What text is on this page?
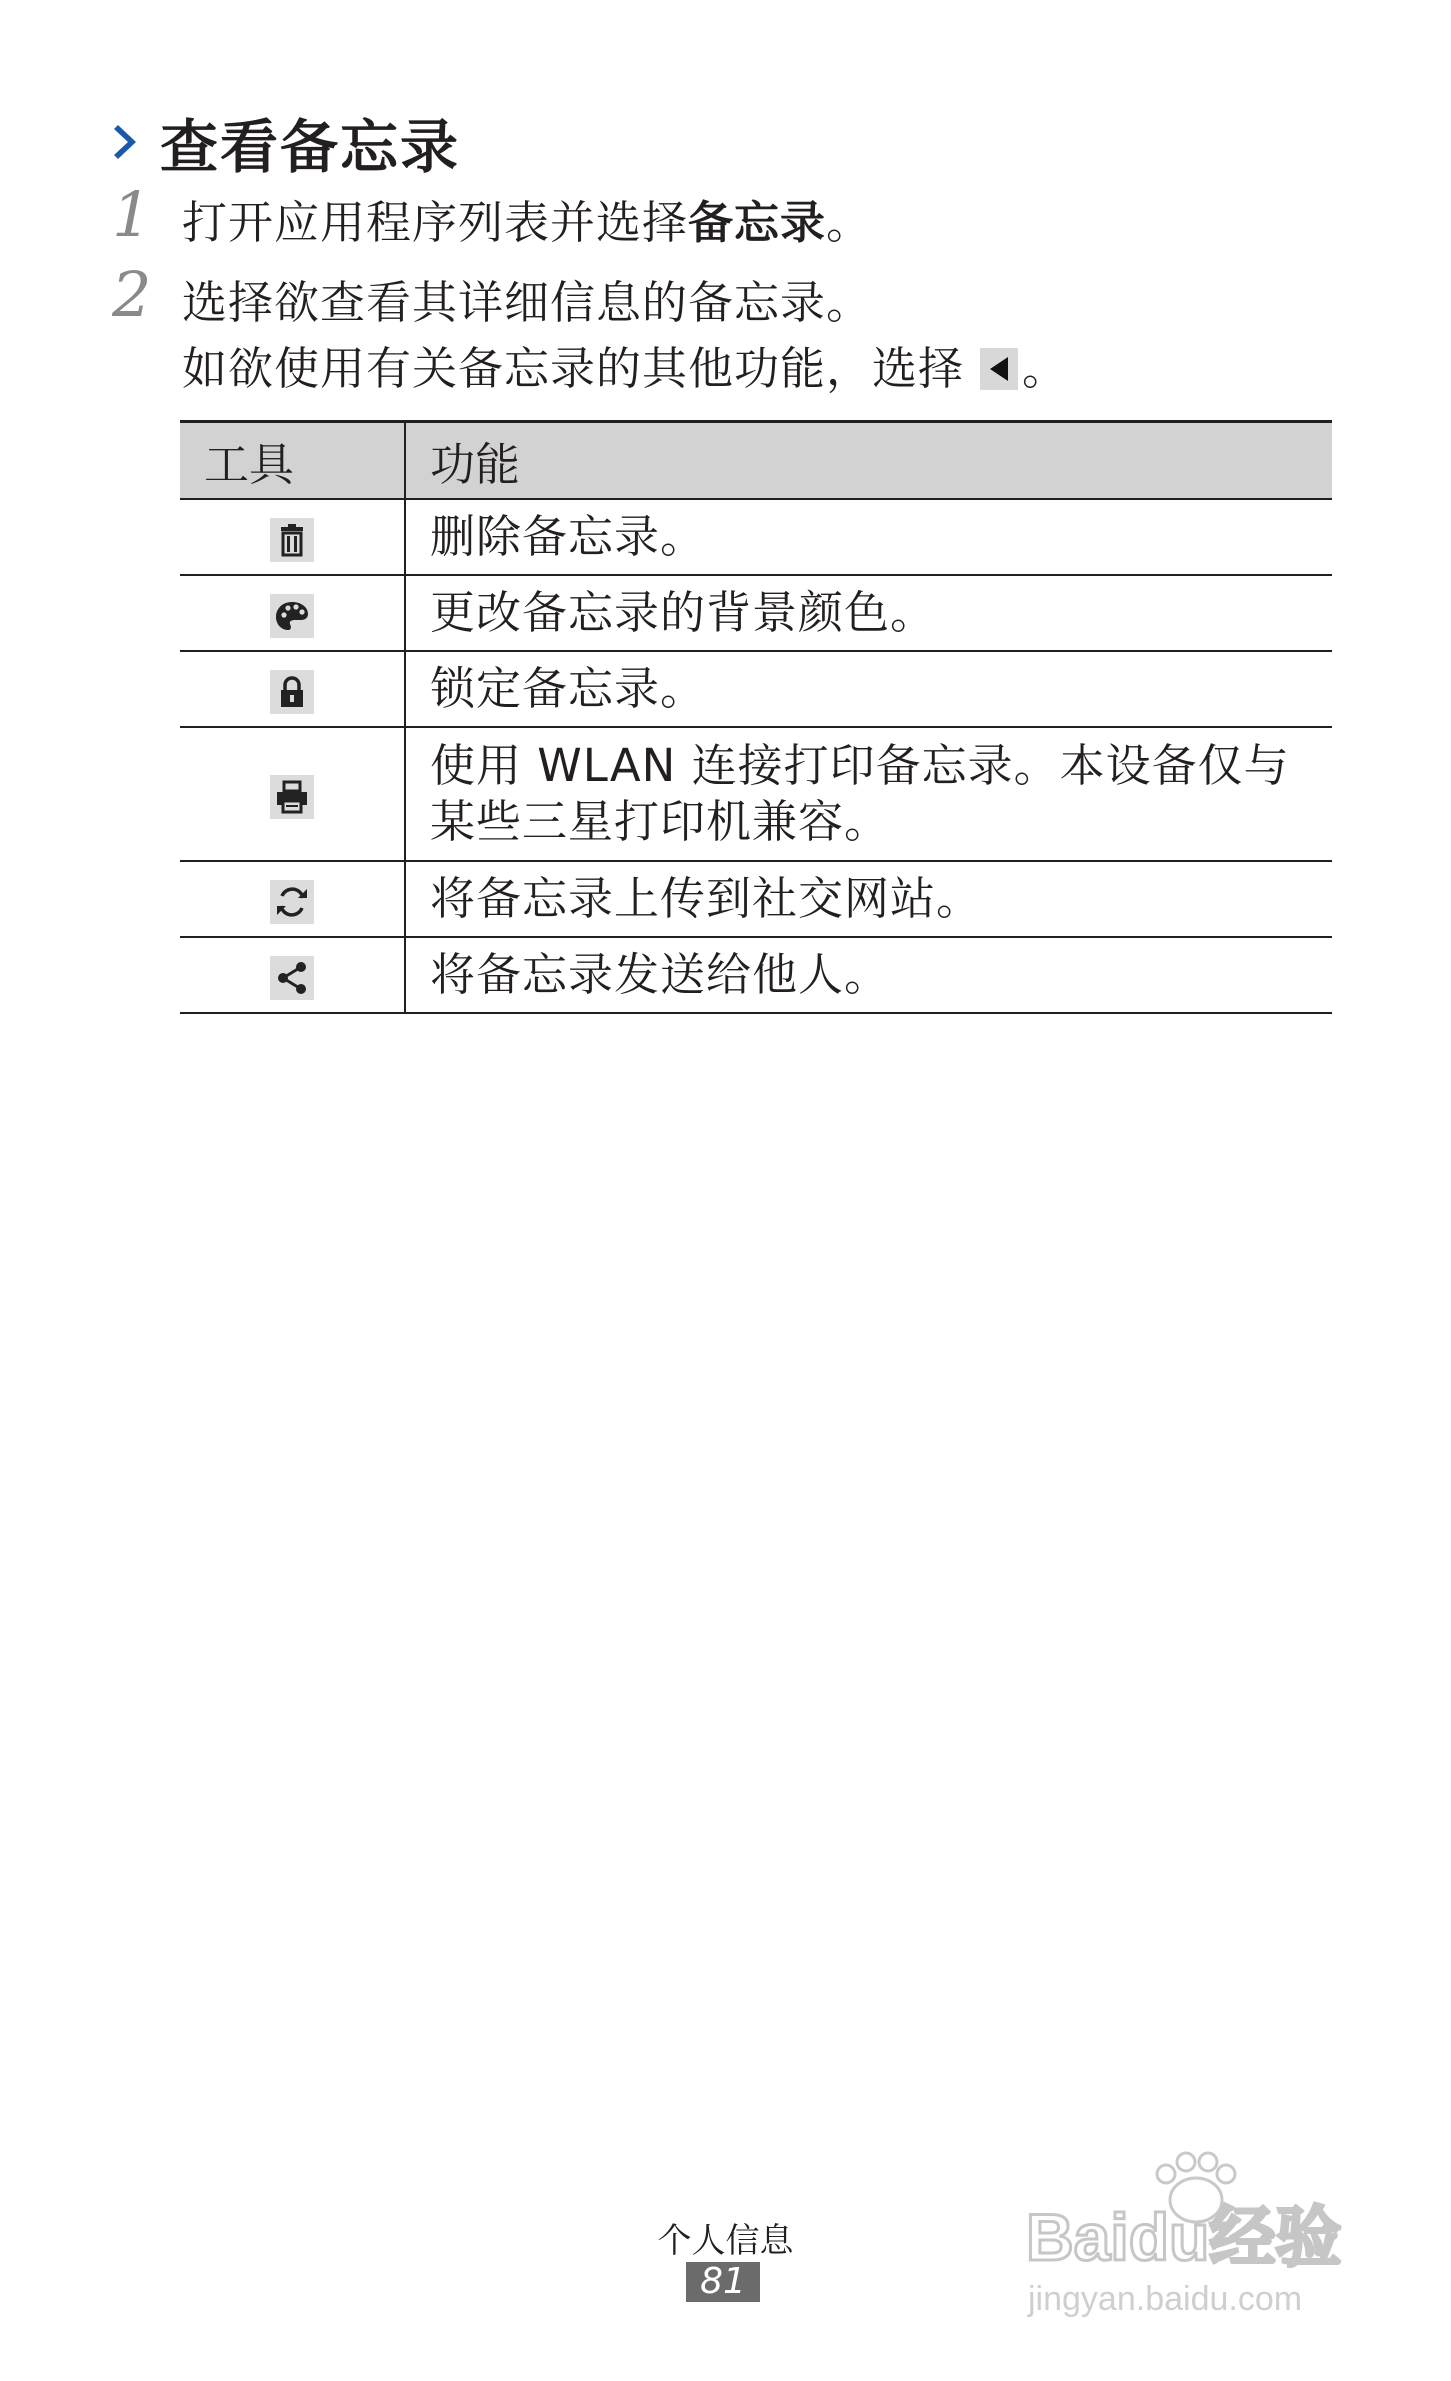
查看备忘录
1 打开应用程序列表并选择备忘录。
2 选择欲查看其详细信息的备忘录。
如欲使用有关备忘录的其他功能，选择 。
工具	功能

	删除备忘录。

	更改备忘录的背景颜色。

	锁定备忘录。

	使用 WLAN 连接打印备忘录。本设备仅与某些三星打印机兼容。

	将备忘录上传到社交网站。

	将备忘录发送给他人。
个人信息
81
Baidu经验
jingyan.baidu.com
